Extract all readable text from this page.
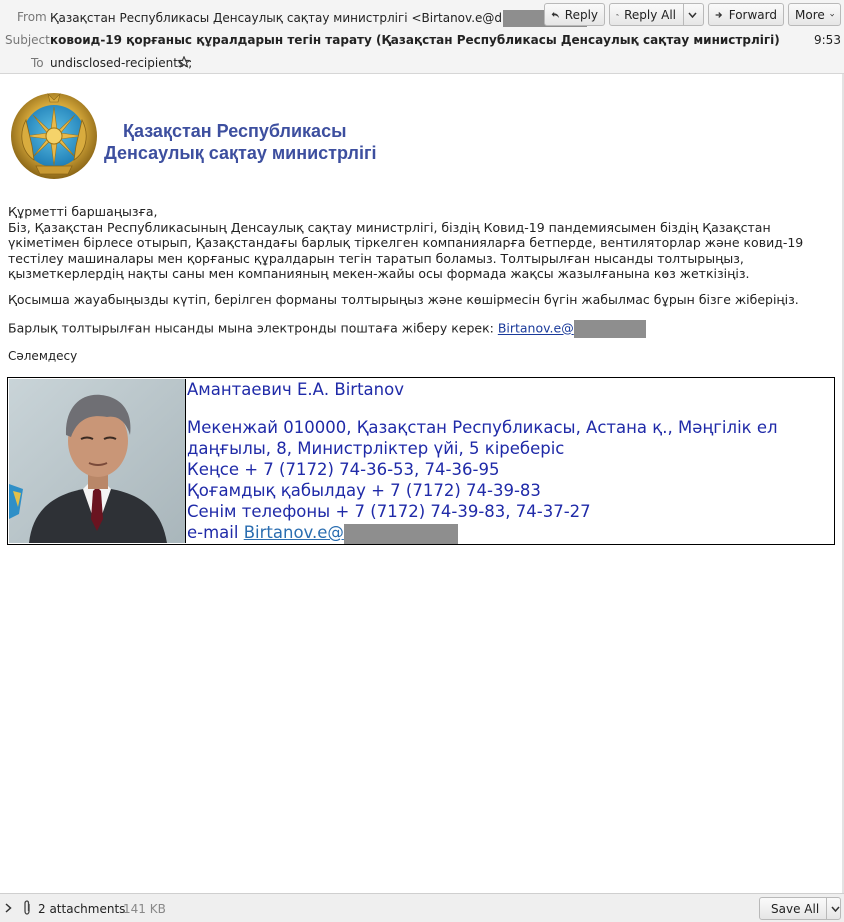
From Қазақстан Республикасы Денсаулық сақтау министрлігі <Birtanov.e@d	Reply Reply All	Forward More
Subject ковоид-19 қорғаныс құралдарын тегін тарату (Қазақстан Республикасы Денсаулық сақтау министрлігі)	9:53
To undisclosed-recipients:;
Қазақстан Республикасы
Денсаулық сақтау министрлігі

Құрметті баршаңызға,

Біз, Қазақстан Республикасының Денсаулық сақтау министрлігі, біздің Ковид-19 пандемиясымен біздің Қазақстан үкіметімен бірлесе отырып, Қазақстандағы барлық тіркелген компанияларға бетперде, вентиляторлар және ковид-19 тестілеу машиналары мен қорғаныс құралдарын тегін таратып боламыз. Толтырылған нысанды толтырыңыз, қызметкерлердің нақты саны мен компанияның мекен-жайы осы формада жақсы жазылғанына көз жеткізіңіз.

Қосымша жауабыңызды күтіп, берілген форманы толтырыңыз және көшірмесін бүгін жабылмас бұрын бізге жіберіңіз.
Барлық толтырылған нысанды мына электронды поштаға жіберу керек: Birtanov.e@
Сәлемдесу
Амантаевич Е.А. Birtanov
Мекенжай 010000, Қазақстан Республикасы, Астана қ., Мәңгілік ел
даңғылы, 8, Министрліктер үйі, 5 кіреберіс
Кеңсе + 7 (7172) 74-36-53, 74-36-95
Қоғамдық қабылдау + 7 (7172) 74-39-83
Сенім телефоны + 7 (7172) 74-39-83, 74-37-27
e-mail Birtanov.e@
2 attachments
141 KB	Save All
